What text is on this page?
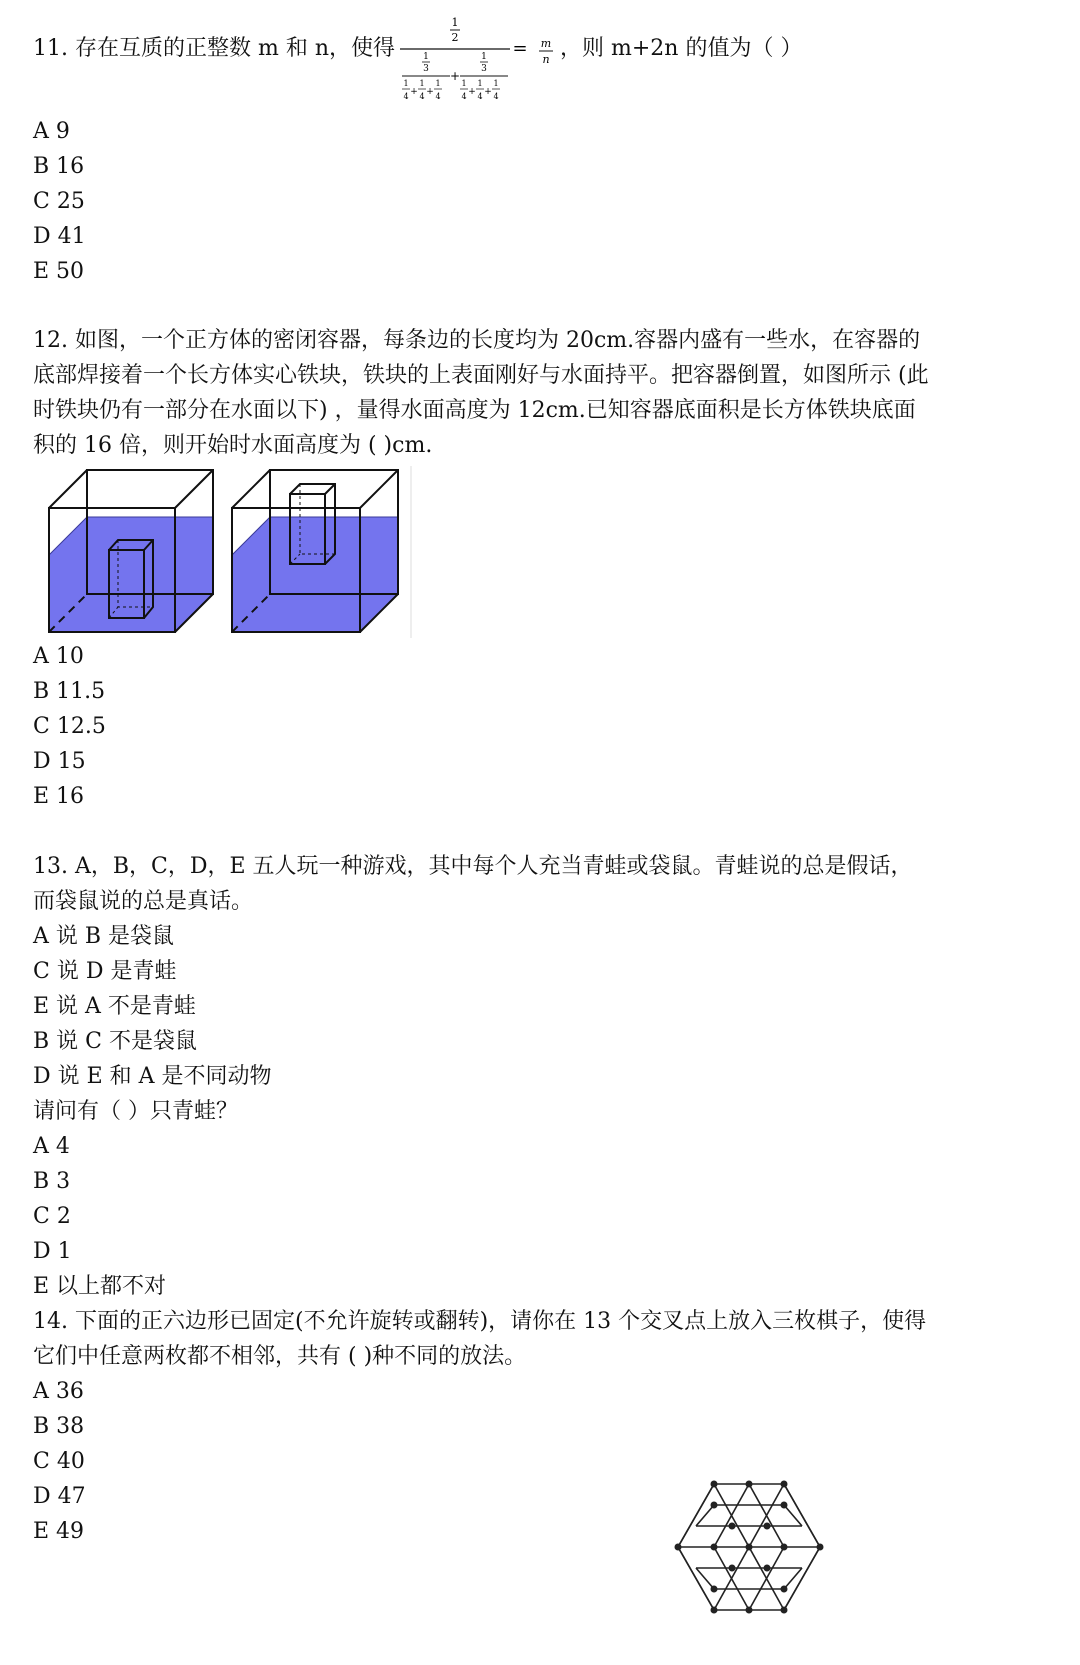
11. 存在互质的正整数 m 和 n，使得
1
2
1
3
1 1 1
+ +
4 4 4
+
1
3
1 1 1
+ +
4 4 4
= m
n ，则 m+2n 的值为（ ）
A 9
B 16
C 25
D 41
E 50
12. 如图，一个正方体的密闭容器，每条边的长度均为 20cm.容器内盛有一些水，在容器的
底部焊接着一个长方体实心铁块，铁块的上表面刚好与水面持平。把容器倒置，如图所示 (此
时铁块仍有一部分在水面以下) ，量得水面高度为 12cm.已知容器底面积是长方体铁块底面
积的 16 倍，则开始时水面高度为 ( )cm.
A 10
B 11.5
C 12.5
D 15
E 16
13. A，B，C，D，E 五人玩一种游戏，其中每个人充当青蛙或袋鼠。青蛙说的总是假话，
而袋鼠说的总是真话。
A 说 B 是袋鼠
C 说 D 是青蛙
E 说 A 不是青蛙
B 说 C 不是袋鼠
D 说 E 和 A 是不同动物
请问有（ ）只青蛙？
A 4
B 3
C 2
D 1
E 以上都不对
14. 下面的正六边形已固定(不允许旋转或翻转)，请你在 13 个交叉点上放入三枚棋子，使得
它们中任意两枚都不相邻，共有 ( )种不同的放法。
A 36
B 38
C 40
D 47
E 49
